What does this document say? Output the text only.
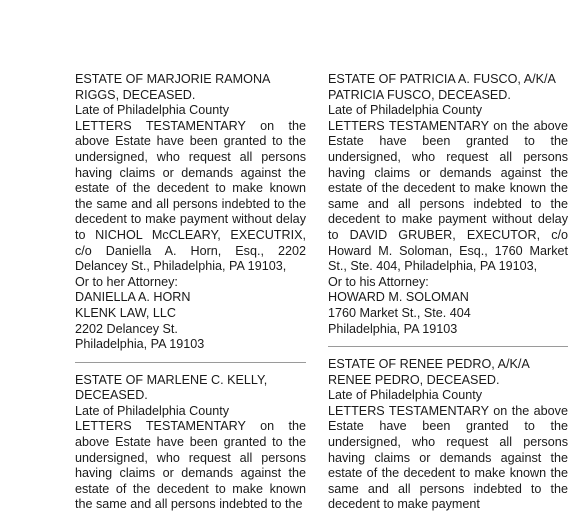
ESTATE OF MARJORIE RAMONA RIGGS, DECEASED.

Late of Philadelphia County

LETTERS TESTAMENTARY on the above Estate have been granted to the undersigned, who request all persons having claims or demands against the estate of the decedent to make known the same and all persons indebted to the decedent to make payment without delay to NICHOL McCLEARY, EXECUTRIX, c/o Daniella A. Horn, Esq., 2202 Delancey St., Philadelphia, PA 19103,

Or to her Attorney:

DANIELLA A. HORN

KLENK LAW, LLC

2202 Delancey St.

Philadelphia, PA 19103

ESTATE OF MARLENE C. KELLY, DECEASED.

Late of Philadelphia County

LETTERS TESTAMENTARY on the above Estate have been granted to the undersigned, who request all persons having claims or demands against the estate of the decedent to make known the same and all persons indebted to the

ESTATE OF PATRICIA A. FUSCO, A/K/A PATRICIA FUSCO, DECEASED.

Late of Philadelphia County

LETTERS TESTAMENTARY on the above Estate have been granted to the undersigned, who request all persons having claims or demands against the estate of the decedent to make known the same and all persons indebted to the decedent to make payment without delay to DAVID GRUBER, EXECUTOR, c/o Howard M. Soloman, Esq., 1760 Market St., Ste. 404, Philadelphia, PA 19103,

Or to his Attorney:

HOWARD M. SOLOMAN

1760 Market St., Ste. 404

Philadelphia, PA 19103

ESTATE OF RENEE PEDRO, A/K/A RENEE PEDRO, DECEASED.

Late of Philadelphia County

LETTERS TESTAMENTARY on the above Estate have been granted to the undersigned, who request all persons having claims or demands against the estate of the decedent to make known the same and all persons indebted to the decedent to make payment
